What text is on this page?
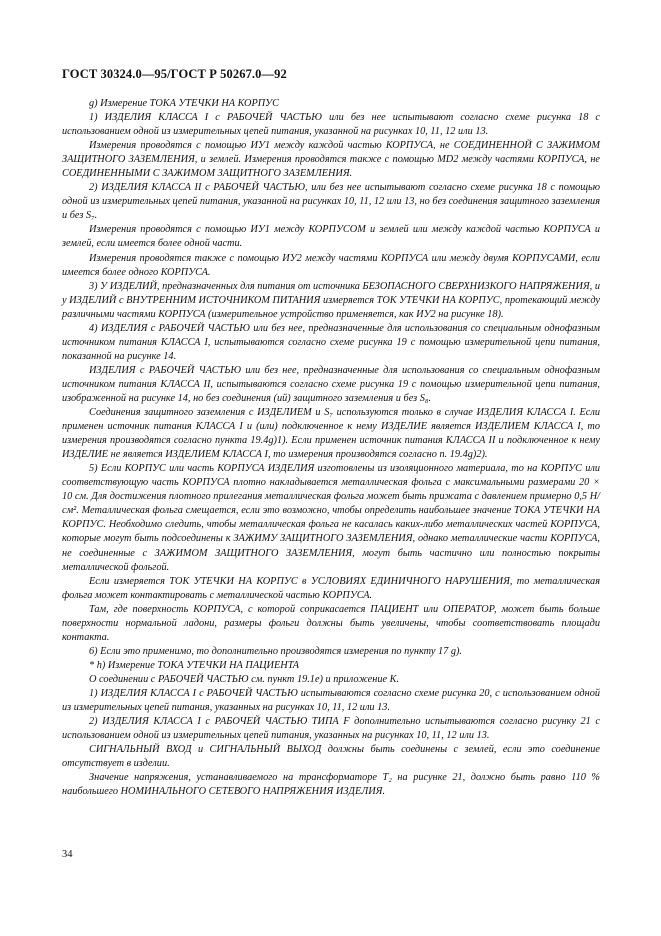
ГОСТ 30324.0—95/ГОСТ Р 50267.0—92

g) Измерение ТОКА УТЕЧКИ НА КОРПУС

1) ИЗДЕЛИЯ КЛАССА I с РАБОЧЕЙ ЧАСТЬЮ или без нее испытывают согласно схеме рисунка 18 с использованием одной из измерительных цепей питания, указанной на рисунках 10, 11, 12 или 13.

Измерения проводятся с помощью ИУ1 между каждой частью КОРПУСА, не СОЕДИНЕННОЙ С ЗАЖИМОМ ЗАЩИТНОГО ЗАЗЕМЛЕНИЯ, и землей. Измерения проводятся также с помощью MD2 между частями КОРПУСА, не СОЕДИНЕННЫМИ С ЗАЖИМОМ ЗАЩИТНОГО ЗАЗЕМЛЕНИЯ.

2) ИЗДЕЛИЯ КЛАССА II с РАБОЧЕЙ ЧАСТЬЮ, или без нее испытывают согласно схеме рисунка 18 с помощью одной из измерительных цепей питания, указанной на рисунках 10, 11, 12 или 13, но без соединения защитного заземления и без S₇.

Измерения проводятся с помощью ИУ1 между КОРПУСОМ и землей или между каждой частью КОРПУСА и землей, если имеется более одной части.

Измерения проводятся также с помощью ИУ2 между частями КОРПУСА или между двумя КОРПУСАМИ, если имеется более одного КОРПУСА.

3) У ИЗДЕЛИЙ, предназначенных для питания от источника БЕЗОПАСНОГО СВЕРХНИЗКОГО НАПРЯЖЕНИЯ, и у ИЗДЕЛИЙ с ВНУТРЕННИМ ИСТОЧНИКОМ ПИТАНИЯ измеряется ТОК УТЕЧКИ НА КОРПУС, протекающий между различными частями КОРПУСА (измерительное устройство применяется, как ИУ2 на рисунке 18).

4) ИЗДЕЛИЯ с РАБОЧЕЙ ЧАСТЬЮ или без нее, предназначенные для использования со специальным однофазным источником питания КЛАССА I, испытываются согласно схеме рисунка 19 с помощью измерительной цепи питания, показанной на рисунке 14.

ИЗДЕЛИЯ с РАБОЧЕЙ ЧАСТЬЮ или без нее, предназначенные для использования со специальным однофазным источником питания КЛАССА II, испытываются согласно схеме рисунка 19 с помощью измерительной цепи питания, изображенной на рисунке 14, но без соединения (ий) защитного заземления и без S₈.

Соединения защитного заземления с ИЗДЕЛИЕМ и S₇ используются только в случае ИЗДЕЛИЯ КЛАССА I. Если применен источник питания КЛАССА I и (или) подключенное к нему ИЗДЕЛИЕ является ИЗДЕЛИЕМ КЛАССА I, то измерения производятся согласно пункта 19.4g)1). Если применен источник питания КЛАССА II и подключенное к нему ИЗДЕЛИЕ не является ИЗДЕЛИЕМ КЛАССА I, то измерения производятся согласно п. 19.4g)2).

5) Если КОРПУС или часть КОРПУСА ИЗДЕЛИЯ изготовлены из изоляционного материала, то на КОРПУС или соответствующую часть КОРПУСА плотно накладывается металлическая фольга с максимальными размерами 20 × 10 см. Для достижения плотного прилегания металлическая фольга может быть прижата с давлением примерно 0,5 Н/см². Металлическая фольга смещается, если это возможно, чтобы определить наибольшее значение ТОКА УТЕЧКИ НА КОРПУС. Необходимо следить, чтобы металлическая фольга не касалась каких-либо металлических частей КОРПУСА, которые могут быть подсоединены к ЗАЖИМУ ЗАЩИТНОГО ЗАЗЕМЛЕНИЯ, однако металлические части КОРПУСА, не соединенные с ЗАЖИМОМ ЗАЩИТНОГО ЗАЗЕМЛЕНИЯ, могут быть частично или полностью покрыты металлической фольгой.

Если измеряется ТОК УТЕЧКИ НА КОРПУС в УСЛОВИЯХ ЕДИНИЧНОГО НАРУШЕНИЯ, то металлическая фольга может контактировать с металлической частью КОРПУСА.

Там, где поверхность КОРПУСА, с которой соприкасается ПАЦИЕНТ или ОПЕРАТОР, может быть больше поверхности нормальной ладони, размеры фольги должны быть увеличены, чтобы соответствовать площади контакта.

6) Если это применимо, то дополнительно производятся измерения по пункту 17 g).

* h) Измерение ТОКА УТЕЧКИ НА ПАЦИЕНТА

О соединении с РАБОЧЕЙ ЧАСТЬЮ см. пункт 19.1е) и приложение К.

1) ИЗДЕЛИЯ КЛАССА I с РАБОЧЕЙ ЧАСТЬЮ испытываются согласно схеме рисунка 20, с использованием одной из измерительных цепей питания, указанных на рисунках 10, 11, 12 или 13.

2) ИЗДЕЛИЯ КЛАССА I с РАБОЧЕЙ ЧАСТЬЮ ТИПА F дополнительно испытываются согласно рисунку 21 с использованием одной из измерительных цепей питания, указанных на рисунках 10, 11, 12 или 13.

СИГНАЛЬНЫЙ ВХОД и СИГНАЛЬНЫЙ ВЫХОД должны быть соединены с землей, если это соединение отсутствует в изделии.

Значение напряжения, устанавливаемого на трансформаторе T₂ на рисунке 21, должно быть равно 110 % наибольшего НОМИНАЛЬНОГО СЕТЕВОГО НАПРЯЖЕНИЯ ИЗДЕЛИЯ.

34
